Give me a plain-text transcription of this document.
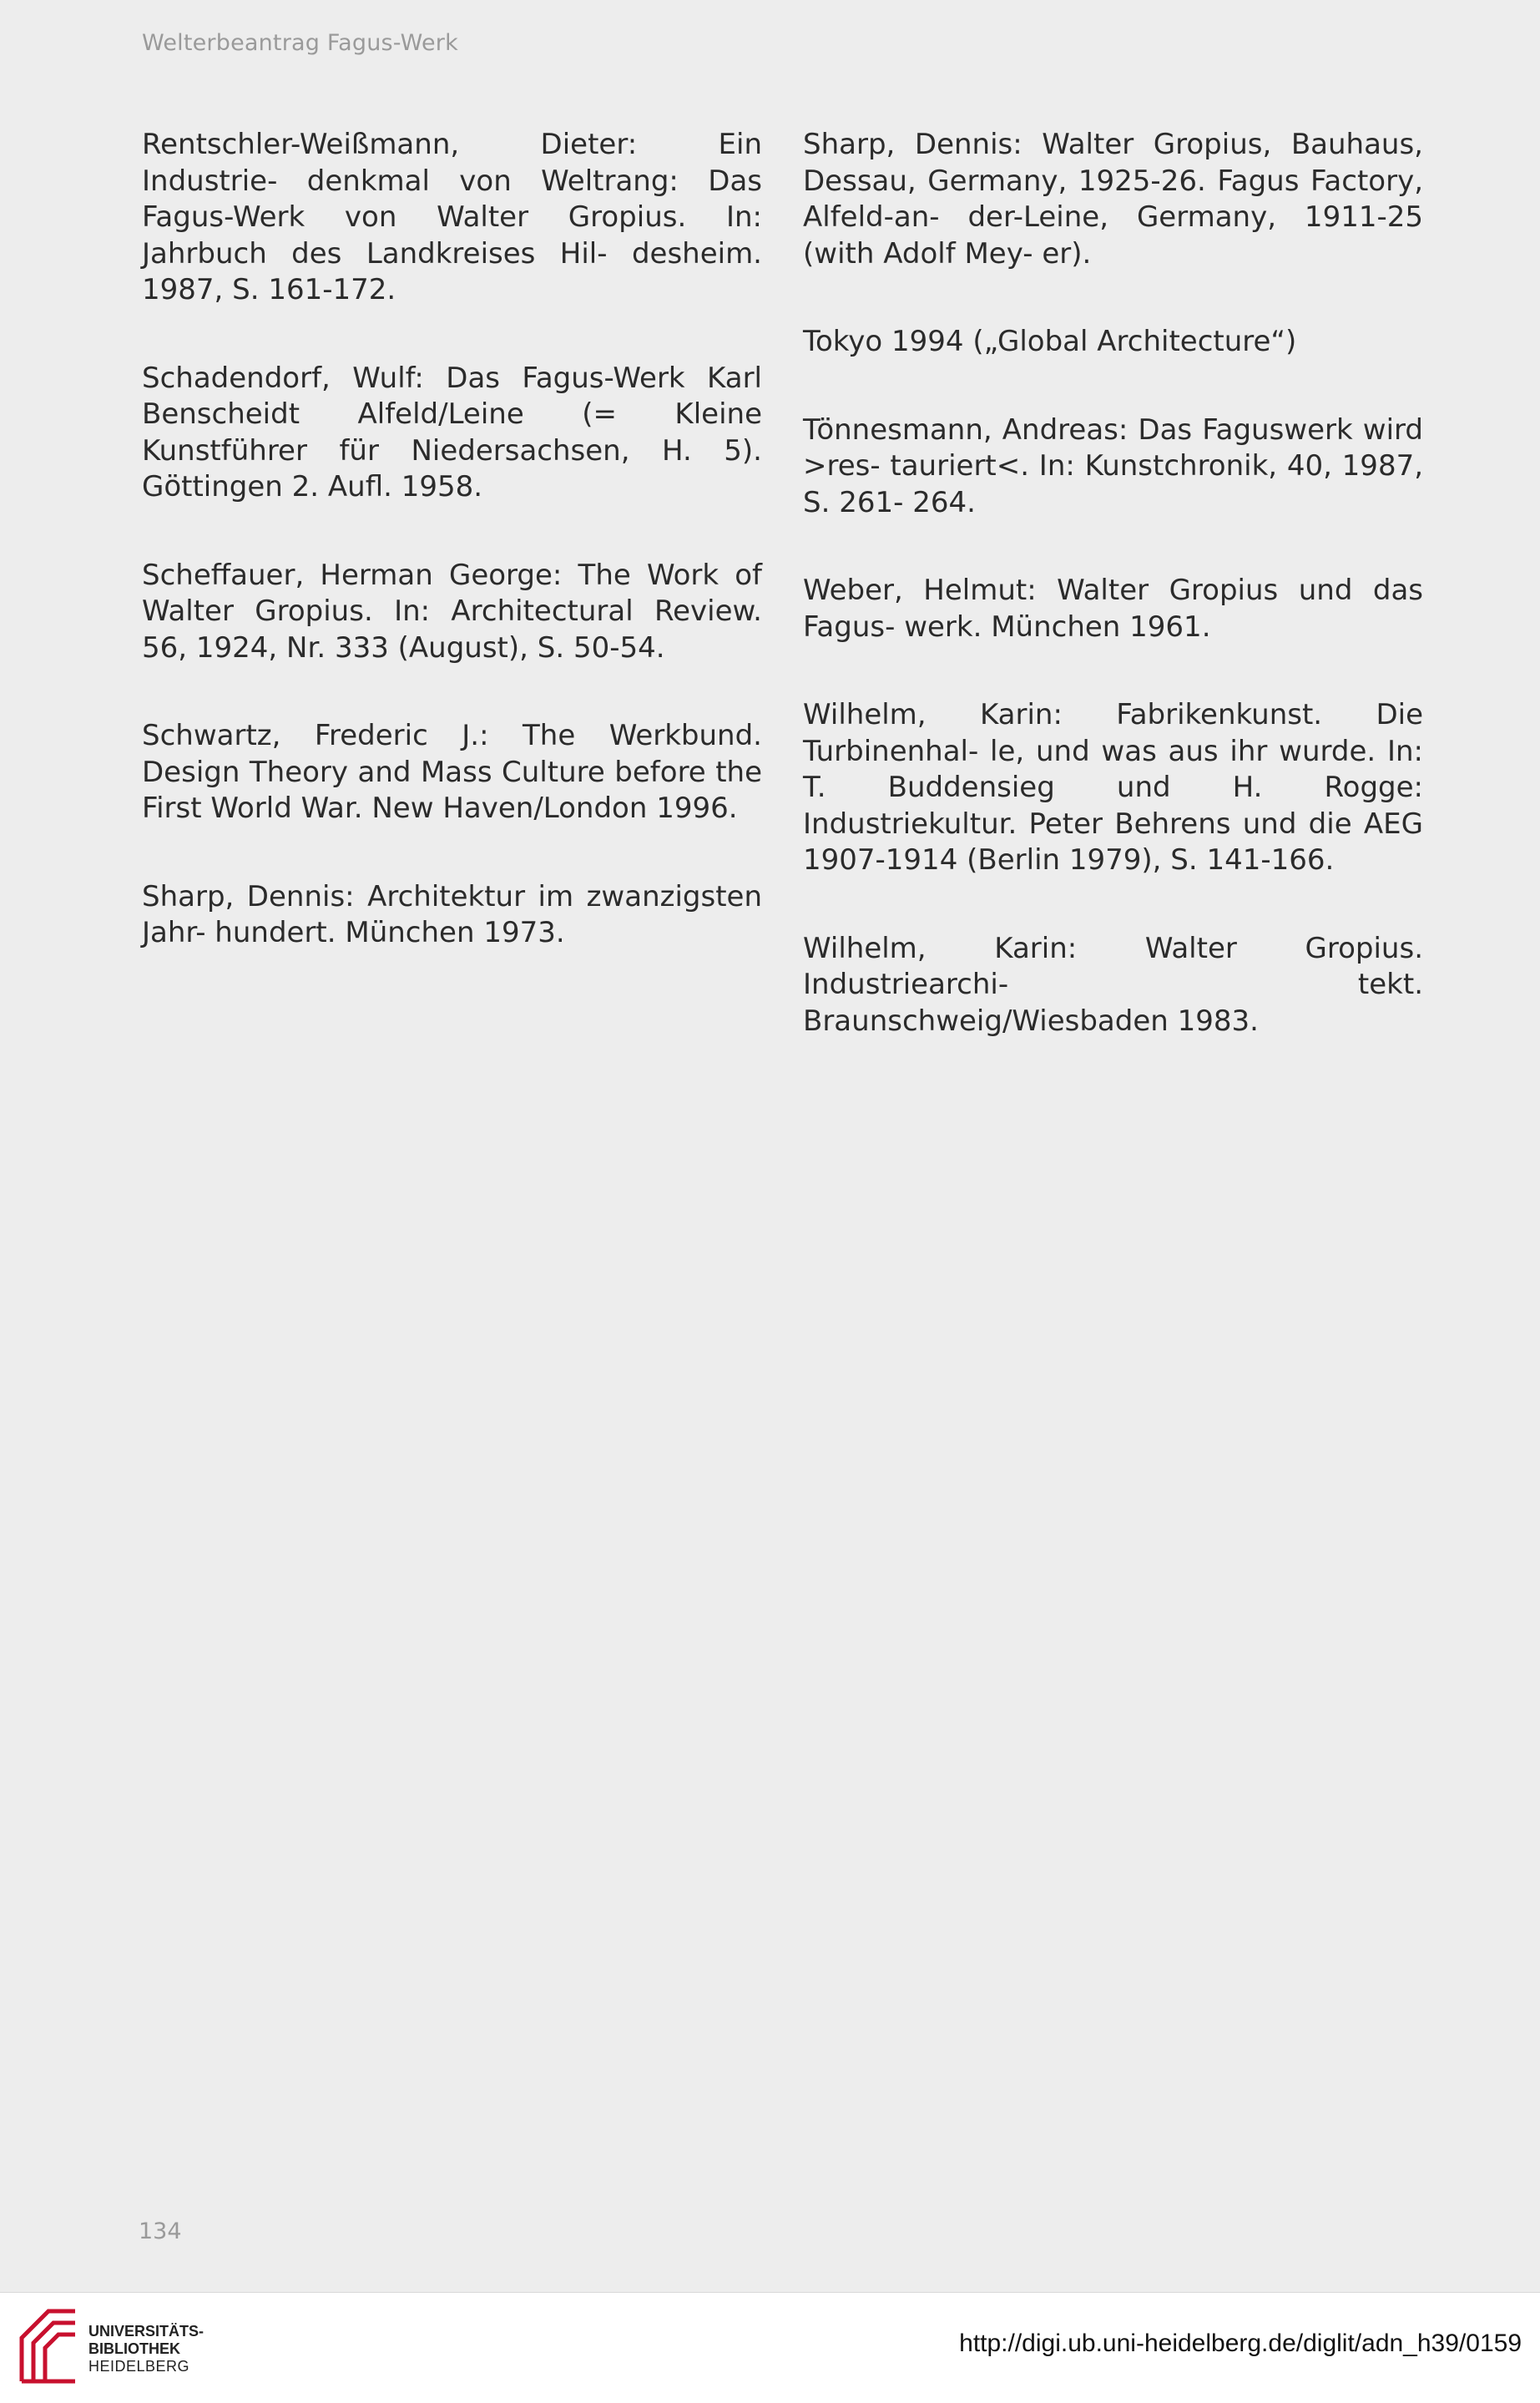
Welterbeantrag Fagus-Werk

Rentschler-Weißmann, Dieter: Ein Industrie- denkmal von Weltrang: Das Fagus-Werk von Walter Gropius. In: Jahrbuch des Landkreises Hil- desheim. 1987, S. 161-172.

Schadendorf, Wulf: Das Fagus-Werk Karl Benscheidt Alfeld/Leine (= Kleine Kunstführer für Niedersachsen, H. 5). Göttingen 2. Aufl. 1958.

Scheffauer, Herman George: The Work of Walter Gropius. In: Architectural Review. 56, 1924, Nr. 333 (August), S. 50-54.

Schwartz, Frederic J.: The Werkbund. Design Theory and Mass Culture before the First World War. New Haven/London 1996.

Sharp, Dennis: Architektur im zwanzigsten Jahr- hundert. München 1973.

Sharp, Dennis: Walter Gropius, Bauhaus, Dessau, Germany, 1925-26. Fagus Factory, Alfeld-an- der-Leine, Germany, 1911-25 (with Adolf Mey- er).

Tokyo 1994 („Global Architecture“)

Tönnesmann, Andreas: Das Faguswerk wird >res- tauriert<. In: Kunstchronik, 40, 1987, S. 261- 264.

Weber, Helmut: Walter Gropius und das Fagus- werk. München 1961.

Wilhelm, Karin: Fabrikenkunst. Die Turbinenhal- le, und was aus ihr wurde. In: T. Buddensieg und H. Rogge: Industriekultur. Peter Behrens und die AEG 1907-1914 (Berlin 1979), S. 141-166.

Wilhelm, Karin: Walter Gropius. Industriearchi-	tekt. Braunschweig/Wiesbaden 1983.

134
UNIVERSITÄTS-
BIBLIOTHEK
HEIDELBERG
http://digi.ub.uni-heidelberg.de/diglit/adn_h39/0159
